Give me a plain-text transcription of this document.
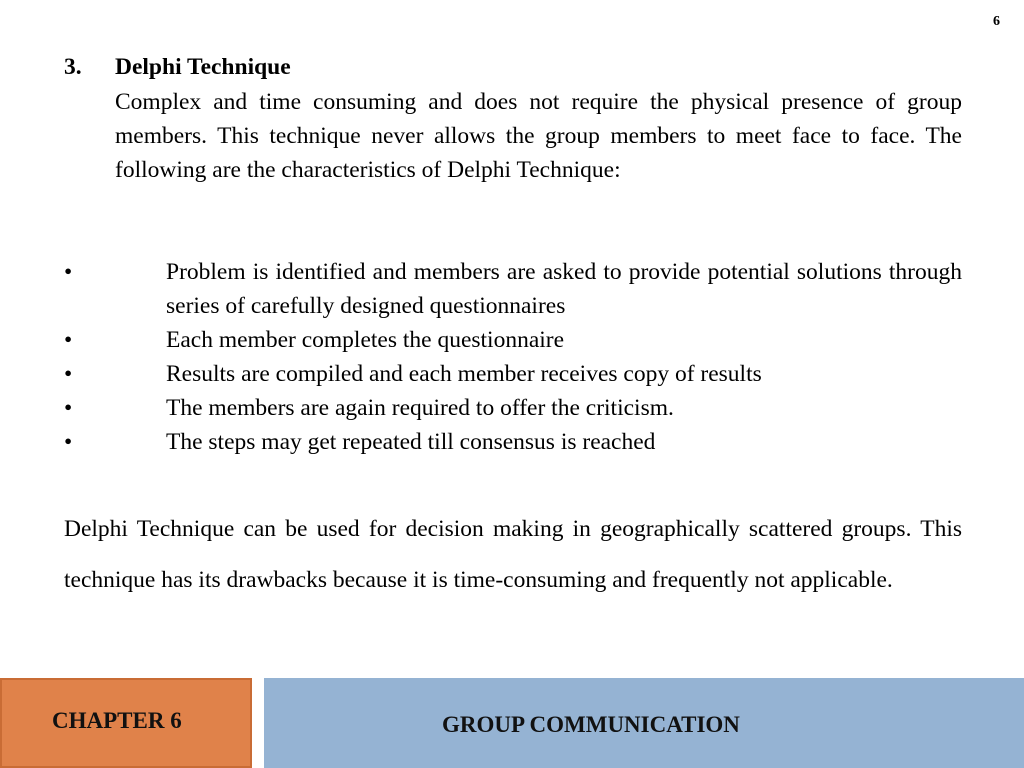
6
3. Delphi Technique
Complex and time consuming and does not require the physical presence of group members. This technique never allows the group members to meet face to face. The following are the characteristics of Delphi Technique:
•	Problem is identified and members are asked to provide potential solutions through series of carefully designed questionnaires
•	Each member completes the questionnaire
•	Results are compiled and each member receives copy of results
•	The members are again required to offer the criticism.
•	The steps may get repeated till consensus is reached
Delphi Technique can be used for decision making in geographically scattered groups. This technique has its drawbacks because it is time-consuming and frequently not applicable.
CHAPTER 6	GROUP COMMUNICATION
